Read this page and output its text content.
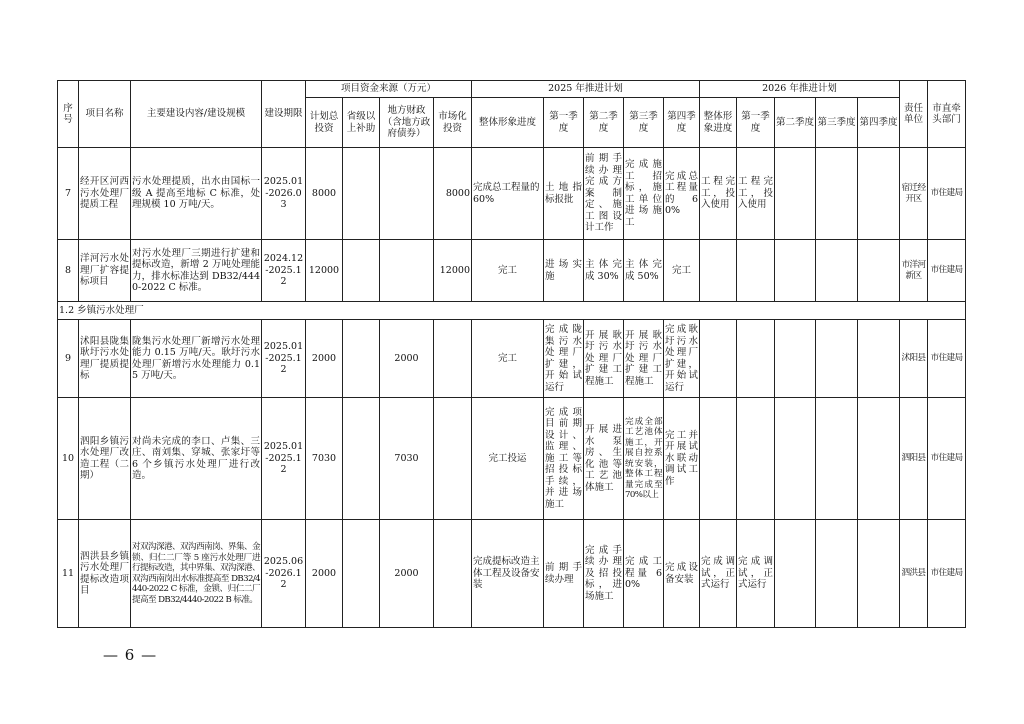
序号	项目名称	主要建设内容/建设规模	建设期限	项目资金来源（万元）				2025 年推进计划					2026 年推进计划					责任单位	市直牵头部门
				计划总投资	省级以上补助	地方财政（含地方政府债券）	市场化投资	整体形象进度	第一季度	第二季度	第三季度	第四季度	整体形象进度	第一季度	第二季度	第三季度	第四季度		
7	经开区河西污水处理厂提质工程	污水处理提质，出水由国标一级 A 提高至地标 C 标准，处理规模 10 万吨/天。	2025.01-2026.03	8000			8000	完成总工程量的 60%	土地指标报批	前期手续办理完成方案制定、施工图设计工作	完成施工招标，施工单位进场施工	完成总工程量的 60%	工程完工，投入使用	工程完工，投入使用				宿迁经开区	市住建局
8	洋河污水处理厂扩容提标项目	对污水处理厂三期进行扩建和提标改造，新增 2 万吨处理能力，排水标准达到 DB32/4440-2022 C 标准。	2024.12-2025.12	12000			12000	完工	进场实施	主体完成 30%	主体完成 50%	完工						市洋河新区	市住建局
1.2 乡镇污水处理厂																			
9	沭阳县陇集耿圩污水处理厂提质提标	陇集污水处理厂新增污水处理能力 0.15 万吨/天。耿圩污水处理厂新增污水处理能力 0.15 万吨/天。	2025.01-2025.12	2000		2000		完工	完成陇集污水处理厂扩建，开始试运行	开展耿圩污水处理厂扩建工程施工	开展耿圩污水处理厂扩建工程施工	完成耿圩污水处理厂扩建，开始试运行						沭阳县	市住建局
10	泗阳乡镇污水处理厂改造工程（二期）	对尚未完成的李口、卢集、三庄、南刘集、穿城、张家圩等 6 个乡镇污水处理厂进行改造。	2025.01-2025.12	7030		7030		完工投运	完成项目前期设计、监理、施工等招投标手续，并进场施工	开展进水泵房、生化池等工艺池体施工	完成全部工艺池体施工，开展自控系统安装，整体工程量完成至 70%以上	完工并开展试水联动调试工作						泗阳县	市住建局
11	泗洪县乡镇污水处理厂提标改造项目	对双沟深港、双沟西南岗、界集、金锁、归仁二厂等 5 座污水处理厂进行提标改造，其中界集、双沟深港、双沟西南岗出水标准提高至 DB32/4440-2022 C 标准，金锁、归仁二厂提高至 DB32/4440-2022 B 标准。	2025.06-2026.12	2000		2000		完成提标改造主体工程及设备安装	前期手续办理	完成手续办理及招投标，进场施工	完成工程量 60%	完成设备安装	完成调试，正式运行	完成调试，正式运行				泗洪县	市住建局
— 6 —
